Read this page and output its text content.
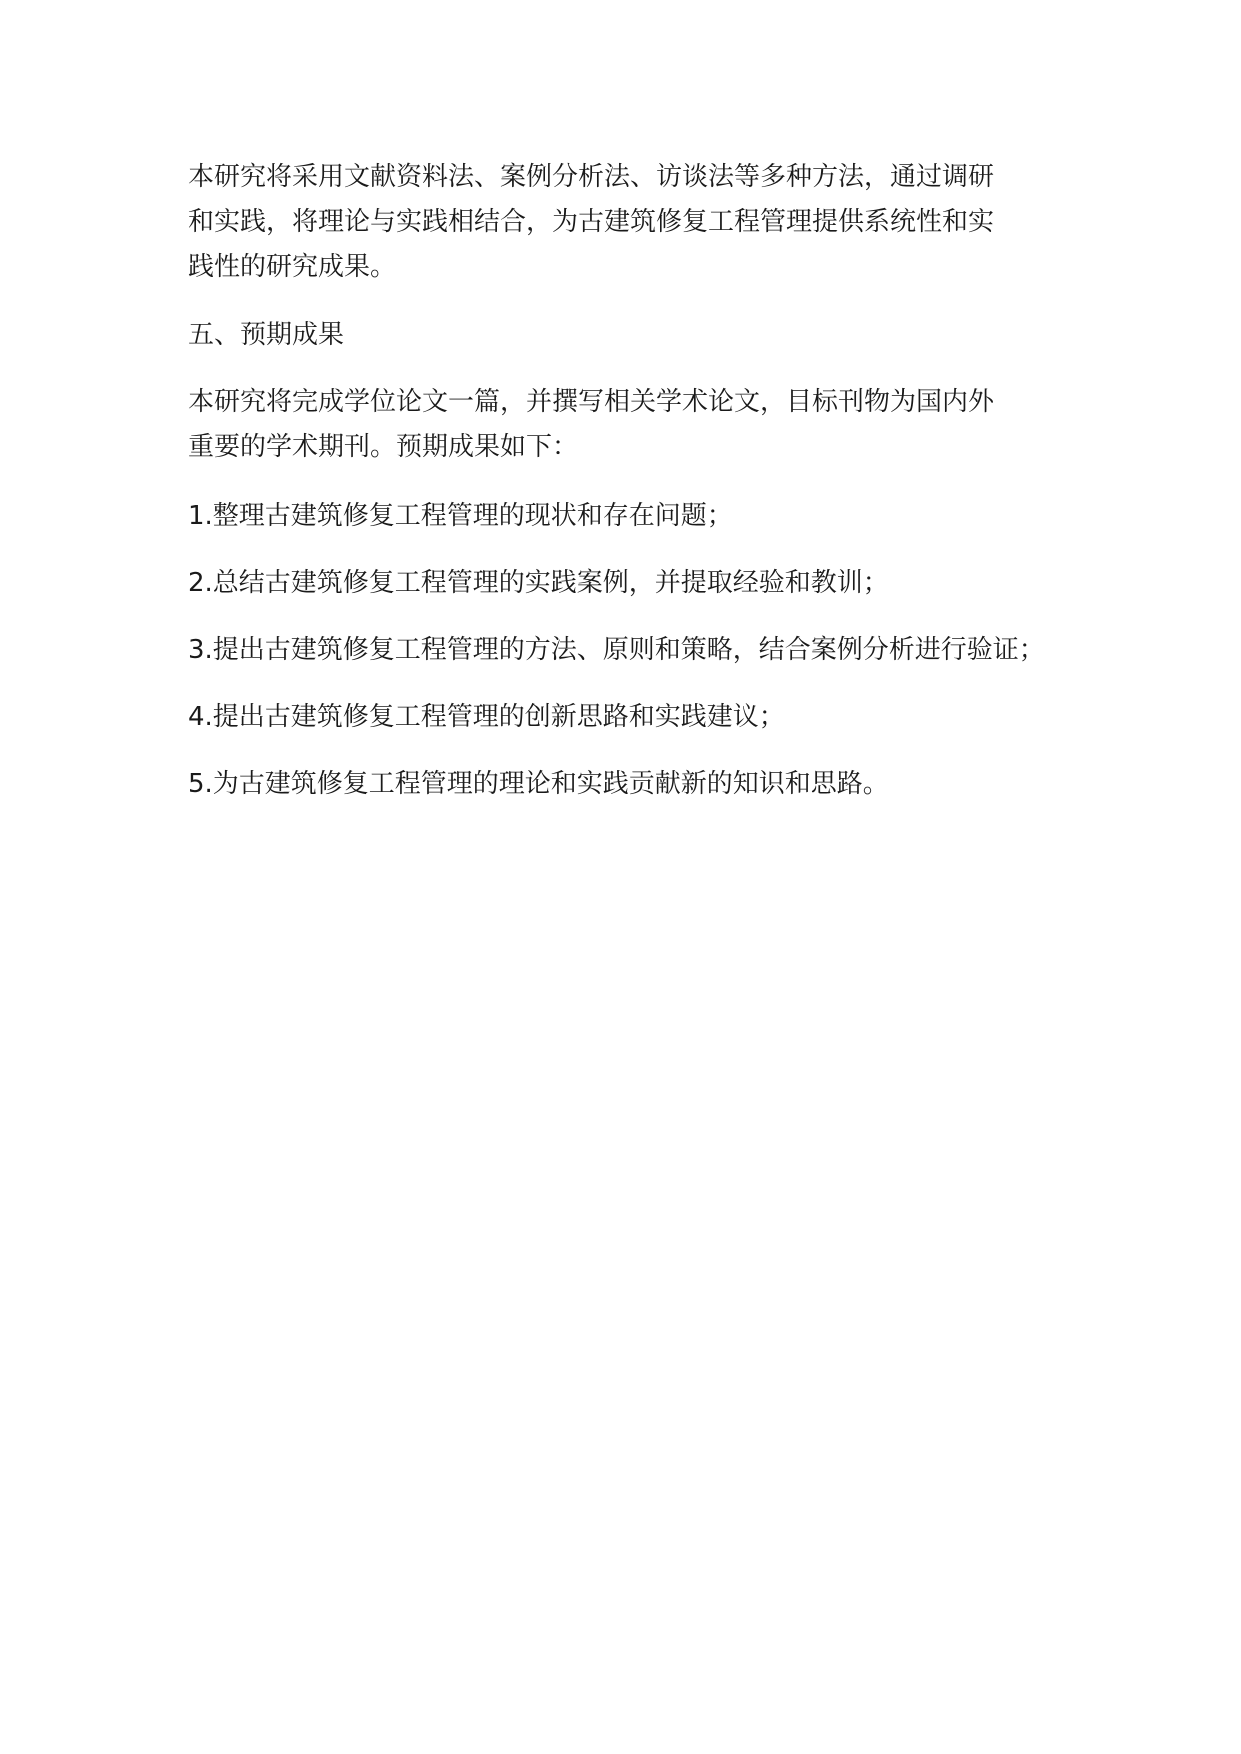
本研究将采用文献资料法、案例分析法、访谈法等多种方法，通过调研
和实践，将理论与实践相结合，为古建筑修复工程管理提供系统性和实
践性的研究成果。
五、预期成果
本研究将完成学位论文一篇，并撰写相关学术论文，目标刊物为国内外
重要的学术期刊。预期成果如下：
1.整理古建筑修复工程管理的现状和存在问题；
2.总结古建筑修复工程管理的实践案例，并提取经验和教训；
3.提出古建筑修复工程管理的方法、原则和策略，结合案例分析进行验证；
4.提出古建筑修复工程管理的创新思路和实践建议；
5.为古建筑修复工程管理的理论和实践贡献新的知识和思路。
